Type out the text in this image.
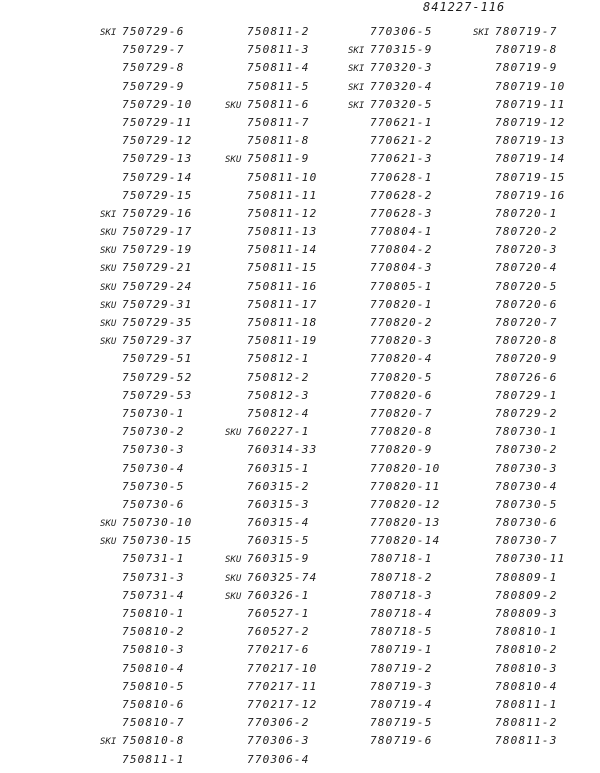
841227-116
SKI 750729-6
750729-7
750729-8
750729-9
750729-10
750729-11
750729-12
750729-13
750729-14
750729-15
SKI 750729-16
SKU 750729-17
SKU 750729-19
SKU 750729-21
SKU 750729-24
SKU 750729-31
SKU 750729-35
SKU 750729-37
750729-51
750729-52
750729-53
750730-1
750730-2
750730-3
750730-4
750730-5
750730-6
SKU 750730-10
SKU 750730-15
750731-1
750731-3
750731-4
750810-1
750810-2
750810-3
750810-4
750810-5
750810-6
750810-7
SKI 750810-8
750811-1
750811-2
750811-3
750811-4
750811-5
SKU 750811-6
750811-7
750811-8
SKU 750811-9
750811-10
750811-11
750811-12
750811-13
750811-14
750811-15
750811-16
750811-17
750811-18
750811-19
750812-1
750812-2
750812-3
750812-4
SKU 760227-1
760314-33
760315-1
760315-2
760315-3
760315-4
760315-5
SKU 760315-9
SKU 760325-74
SKU 760326-1
760527-1
760527-2
770217-6
770217-10
770217-11
770217-12
770306-2
770306-3
770306-4
770306-5
SKI 770315-9
SKI 770320-3
SKI 770320-4
SKI 770320-5
770621-1
770621-2
770621-3
770628-1
770628-2
770628-3
770804-1
770804-2
770804-3
770805-1
770820-1
770820-2
770820-3
770820-4
770820-5
770820-6
770820-7
770820-8
770820-9
770820-10
770820-11
770820-12
770820-13
770820-14
780718-1
780718-2
780718-3
780718-4
780718-5
780719-1
780719-2
780719-3
780719-4
780719-5
780719-6
SKI 780719-7
780719-8
780719-9
780719-10
780719-11
780719-12
780719-13
780719-14
780719-15
780719-16
780720-1
780720-2
780720-3
780720-4
780720-5
780720-6
780720-7
780720-8
780720-9
780726-6
780729-1
780729-2
780730-1
780730-2
780730-3
780730-4
780730-5
780730-6
780730-7
780730-11
780809-1
780809-2
780809-3
780810-1
780810-2
780810-3
780810-4
780811-1
780811-2
780811-3
